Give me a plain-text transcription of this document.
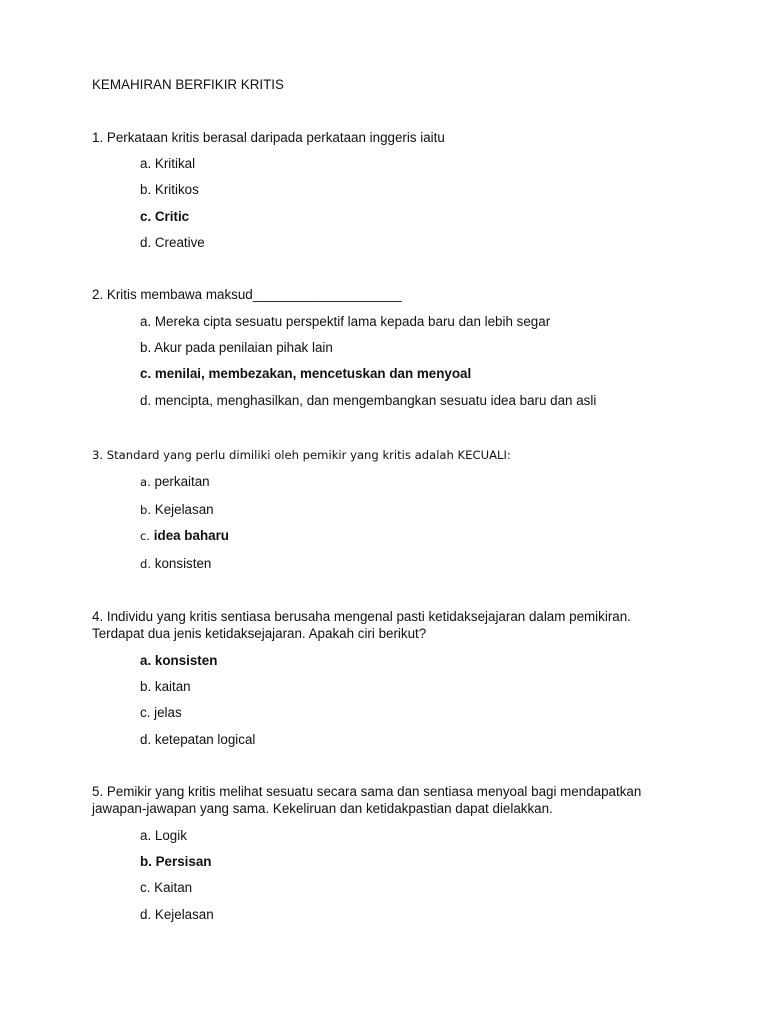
KEMAHIRAN BERFIKIR KRITIS
1. Perkataan kritis berasal daripada perkataan inggeris iaitu
a. Kritikal
b. Kritikos
c. Critic
d. Creative
2. Kritis membawa maksud____________________
a. Mereka cipta sesuatu perspektif lama kepada baru dan lebih segar
b. Akur pada penilaian pihak lain
c. menilai, membezakan, mencetuskan dan menyoal
d. mencipta, menghasilkan, dan mengembangkan sesuatu idea baru dan asli
3. Standard yang perlu dimiliki oleh pemikir yang kritis adalah KECUALI:
a. perkaitan
b. Kejelasan
c. idea baharu
d. konsisten
4. Individu yang kritis sentiasa berusaha mengenal pasti ketidaksejajaran dalam pemikiran.
Terdapat dua jenis ketidaksejajaran. Apakah ciri berikut?
a. konsisten
b. kaitan
c. jelas
d. ketepatan logical
5. Pemikir yang kritis melihat sesuatu secara sama dan sentiasa menyoal bagi mendapatkan
jawapan-jawapan yang sama. Kekeliruan dan ketidakpastian dapat dielakkan.
a. Logik
b. Persisan
c. Kaitan
d. Kejelasan
